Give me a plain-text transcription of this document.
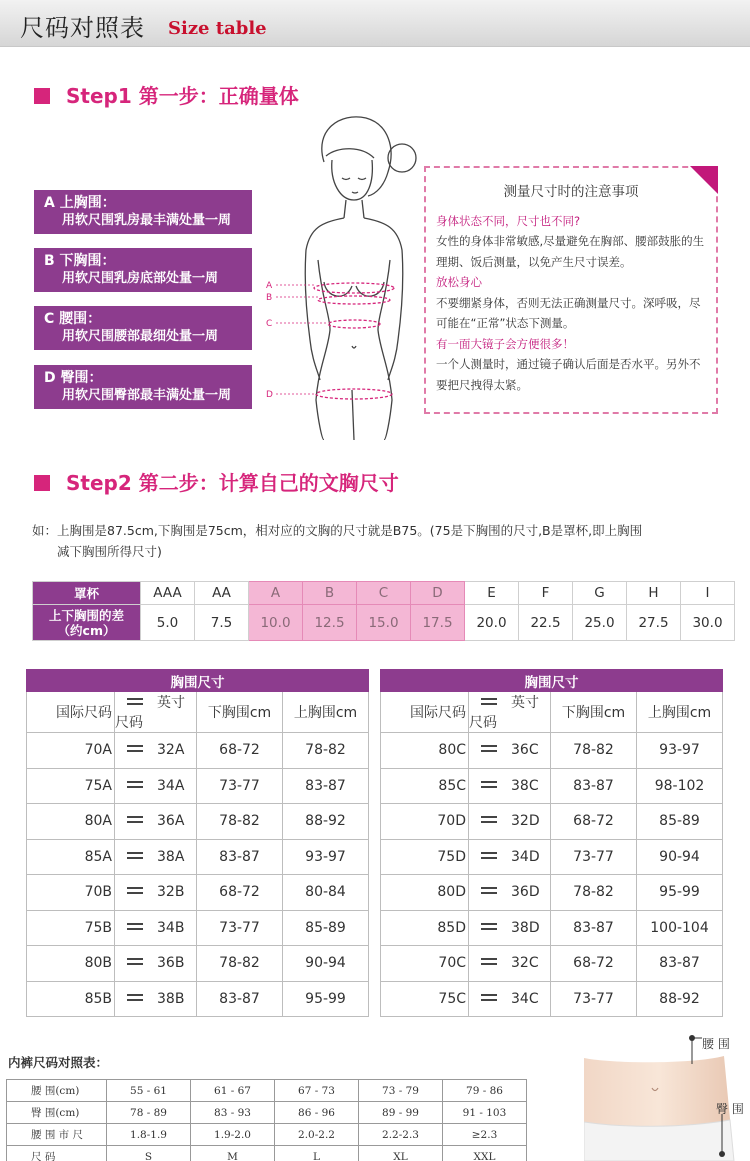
尺码对照表 Size table
Step1 第一步：正确量体
A 上胸围：
用软尺围乳房最丰满处量一周
B 下胸围：
用软尺围乳房底部处量一周
C 腰围：
用软尺围腰部最细处量一周
D 臀围：
用软尺围臀部最丰满处量一周
A
B
C
D
测量尺寸时的注意事项
身体状态不同，尺寸也不同?
女性的身体非常敏感,尽量避免在胸部、腰部鼓胀的生理期、饭后测量，以免产生尺寸误差。
放松身心
不要绷紧身体，否则无法正确测量尺寸。深呼吸，尽可能在“正常”状态下测量。
有一面大镜子会方便很多！
一个人测量时，通过镜子确认后面是否水平。另外不要把尺拽得太紧。
Step2 第二步：计算自己的文胸尺寸
如：上胸围是87.5cm,下胸围是75cm，相对应的文胸的尺寸就是B75。(75是下胸围的尺寸,B是罩杯,即上胸围
减下胸围所得尺寸)
罩杯	AAA	AA	A	B	C	D	E	F	G	H	I

上下胸围的差
（约cm）	5.0	7.5	10.0	12.5	15.0	17.5	20.0	22.5	25.0	27.5	30.0
胸围尺寸			
国际尺码	英寸尺码	下胸围cm	上胸围cm
70A	32A	68-72	78-82
75A	34A	73-77	83-87
80A	36A	78-82	88-92
85A	38A	83-87	93-97
70B	32B	68-72	80-84
75B	34B	73-77	85-89
80B	36B	78-82	90-94
85B	38B	83-87	95-99
胸围尺寸			
国际尺码	英寸尺码	下胸围cm	上胸围cm
80C	36C	78-82	93-97
85C	38C	83-87	98-102
70D	32D	68-72	85-89
75D	34D	73-77	90-94
80D	36D	78-82	95-99
85D	38D	83-87	100-104
70C	32C	68-72	83-87
75C	34C	73-77	88-92
内裤尺码对照表：
腰 围(cm)	55 - 61	61 - 67	67 - 73	73 - 79	79 - 86
臀 围(cm)	78 - 89	83 - 93	86 - 96	89 - 99	91 - 103
腰 围 市 尺	1.8-1.9	1.9-2.0	2.0-2.2	2.2-2.3	≥2.3
尺 码	S	M	L	XL	XXL
腰 围
臀 围
